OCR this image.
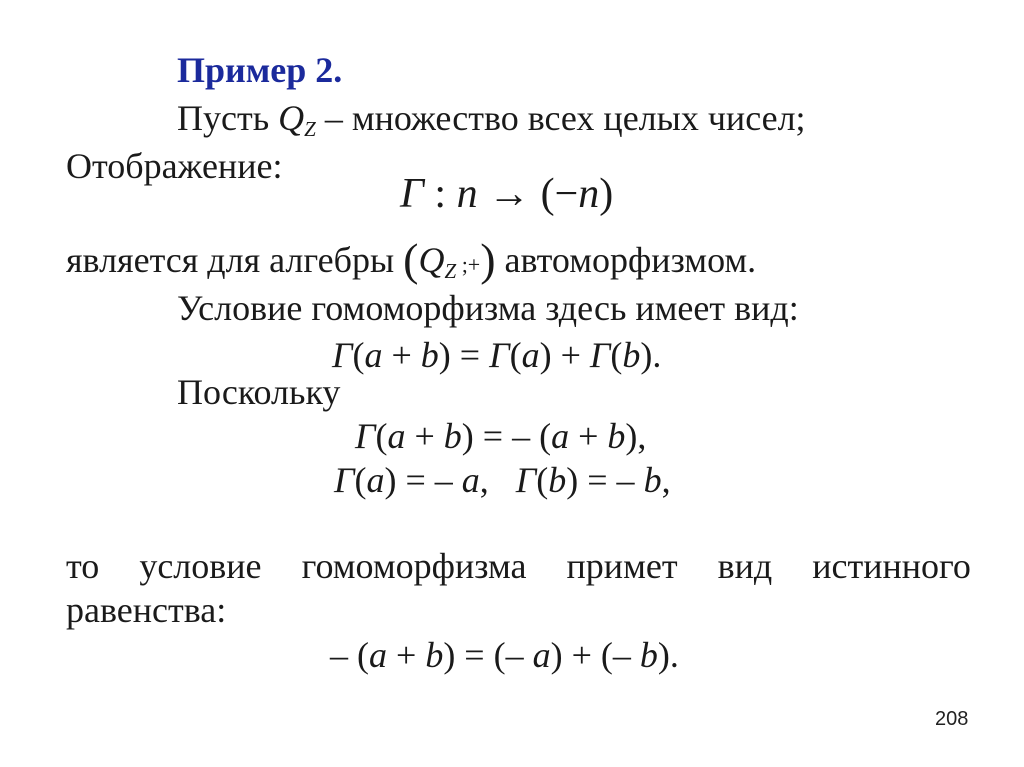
Пример 2.
Пусть $Q_Z$ – множество всех целых чисел;
Отображение:
Γ : n → (−n)
является для алгебры ($Q_Z$ ;+) автоморфизмом.
Условие гомоморфизма здесь имеет вид:
Γ(a + b) = Γ(a) + Γ(b).
Поскольку
Γ(a + b) = – (a + b),
Γ(a) = – a,   Γ(b) = – b,
то условие гомоморфизма примет вид истинного
равенства:
– (a + b) = (– a) + (– b).
208
